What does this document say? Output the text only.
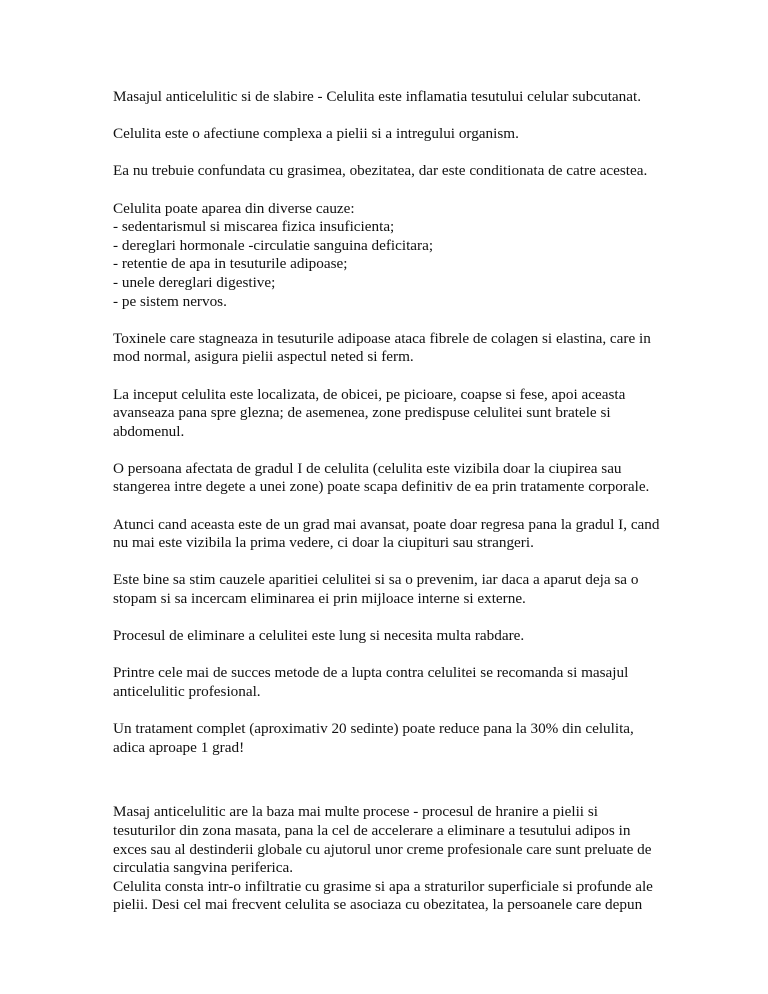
Masajul anticelulitic si de slabire - Celulita este inflamatia tesutului celular subcutanat.

Celulita este o afectiune complexa a pielii si a intregului organism.

Ea nu trebuie confundata cu grasimea, obezitatea, dar este conditionata de catre acestea.

Celulita poate aparea din diverse cauze:
- sedentarismul si miscarea fizica insuficienta;
- dereglari hormonale -circulatie sanguina deficitara;
- retentie de apa in tesuturile adipoase;
- unele dereglari digestive;
- pe sistem nervos.

Toxinele care stagneaza in tesuturile adipoase ataca fibrele de colagen si elastina, care in
mod normal, asigura pielii aspectul neted si ferm.

La inceput celulita este localizata, de obicei, pe picioare, coapse si fese, apoi aceasta
avanseaza pana spre glezna; de asemenea, zone predispuse celulitei sunt bratele si
abdomenul.

O persoana afectata de gradul I de celulita (celulita este vizibila doar la ciupirea sau
stangerea intre degete a unei zone) poate scapa definitiv de ea prin tratamente corporale.

Atunci cand aceasta este de un grad mai avansat, poate doar regresa pana la gradul I, cand
nu mai este vizibila la prima vedere, ci doar la ciupituri sau strangeri.

Este bine sa stim cauzele aparitiei celulitei si sa o prevenim, iar daca a aparut deja sa o
stopam si sa incercam eliminarea ei prin mijloace interne si externe.

Procesul de eliminare a celulitei este lung si necesita multa rabdare.

Printre cele mai de succes metode de a lupta contra celulitei se recomanda si masajul
anticelulitic profesional.

Un tratament complet (aproximativ 20 sedinte) poate reduce pana la 30% din celulita,
adica aproape 1 grad!

Masaj anticelulitic are la baza mai multe procese - procesul de hranire a pielii si
tesuturilor din zona masata, pana la cel de accelerare a eliminare a tesutului adipos in
exces sau al destinderii globale cu ajutorul unor creme profesionale care sunt preluate de
circulatia sangvina periferica.
Celulita consta intr-o infiltratie cu grasime si apa a straturilor superficiale si profunde ale
pielii. Desi cel mai frecvent celulita se asociaza cu obezitatea, la persoanele care depun
